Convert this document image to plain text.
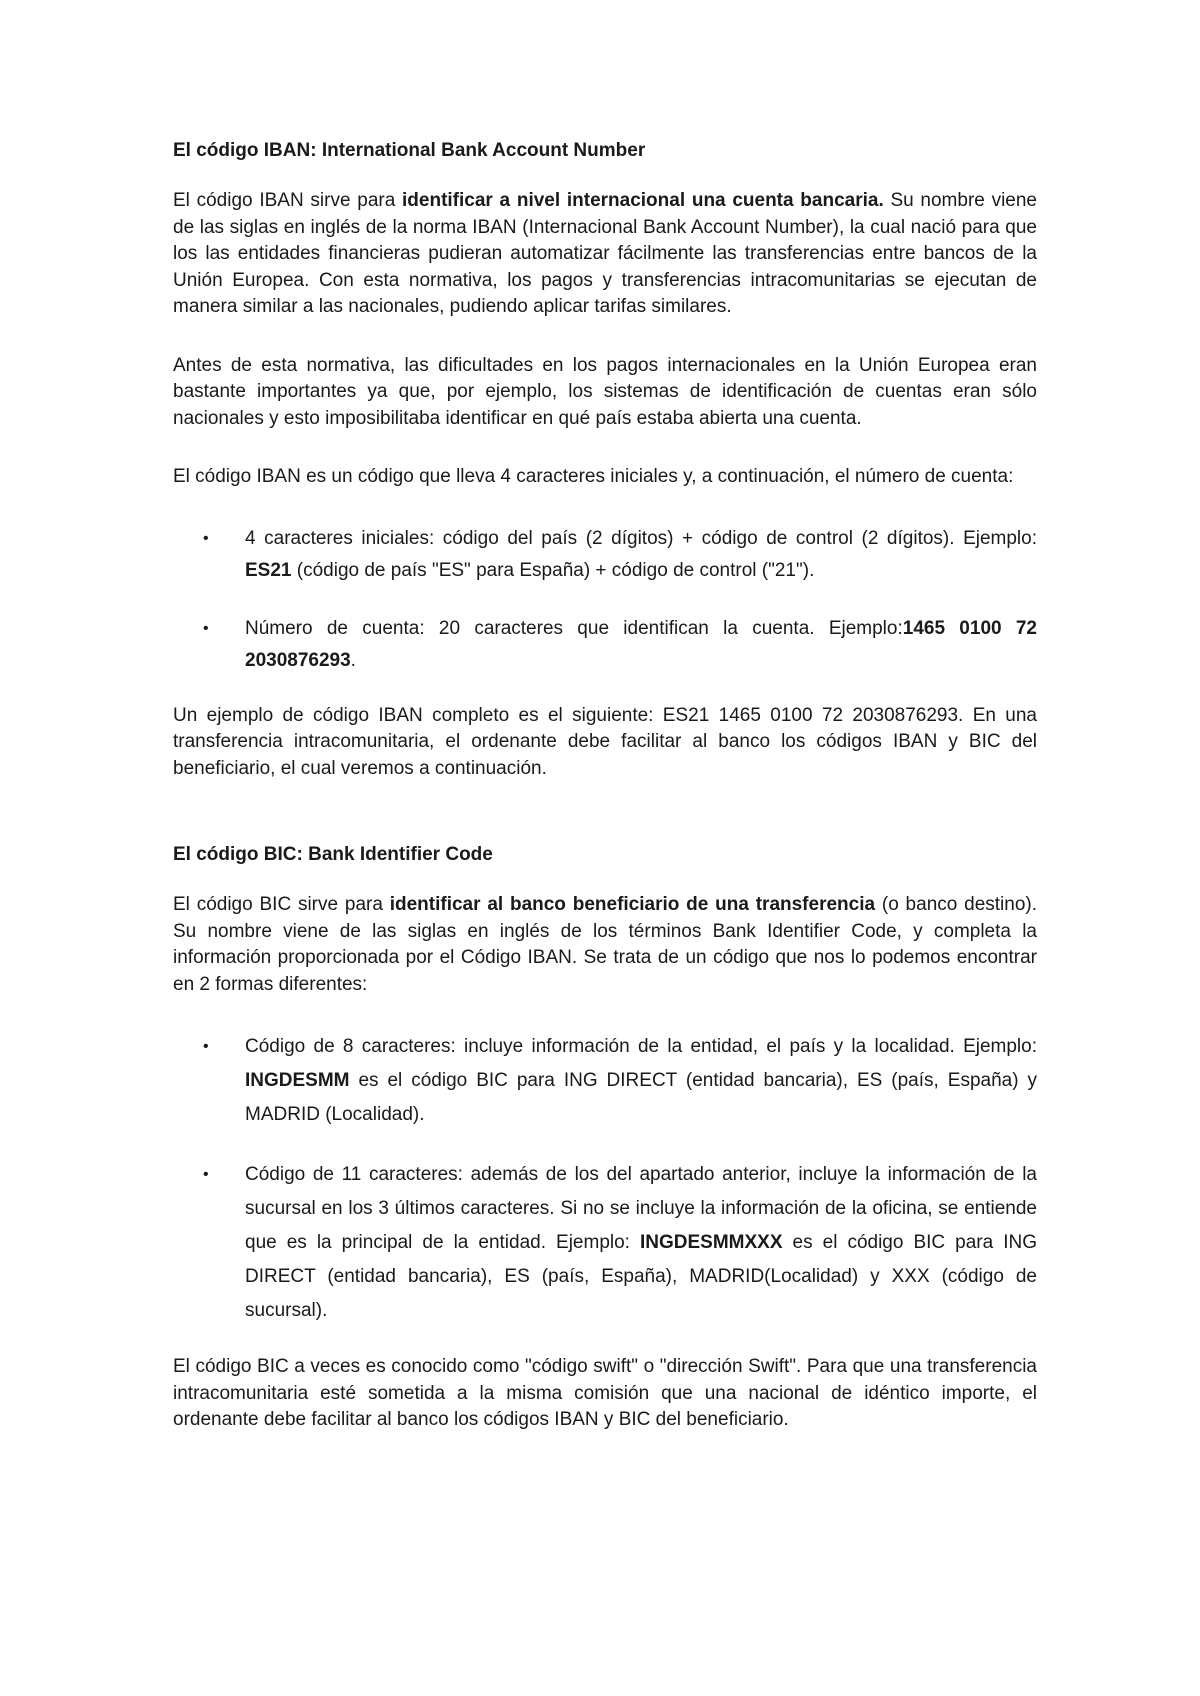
El código IBAN: International Bank Account Number

El código IBAN sirve para identificar a nivel internacional una cuenta bancaria. Su nombre viene de las siglas en inglés de la norma IBAN (Internacional Bank Account Number), la cual nació para que los las entidades financieras pudieran automatizar fácilmente las transferencias entre bancos de la Unión Europea. Con esta normativa, los pagos y transferencias intracomunitarias se ejecutan de manera similar a las nacionales, pudiendo aplicar tarifas similares.

Antes de esta normativa, las dificultades en los pagos internacionales en la Unión Europea eran bastante importantes ya que, por ejemplo, los sistemas de identificación de cuentas eran sólo nacionales y esto imposibilitaba identificar en qué país estaba abierta una cuenta.

El código IBAN es un código que lleva 4 caracteres iniciales y, a continuación, el número de cuenta:

• 4 caracteres iniciales: código del país (2 dígitos) + código de control (2 dígitos). Ejemplo: ES21 (código de país "ES" para España) + código de control ("21").
• Número de cuenta: 20 caracteres que identifican la cuenta. Ejemplo:1465 0100 72 2030876293.

Un ejemplo de código IBAN completo es el siguiente: ES21 1465 0100 72 2030876293. En una transferencia intracomunitaria, el ordenante debe facilitar al banco los códigos IBAN y BIC del beneficiario, el cual veremos a continuación.

El código BIC: Bank Identifier Code

El código BIC sirve para identificar al banco beneficiario de una transferencia (o banco destino). Su nombre viene de las siglas en inglés de los términos Bank Identifier Code, y completa la información proporcionada por el Código IBAN. Se trata de un código que nos lo podemos encontrar en 2 formas diferentes:

• Código de 8 caracteres: incluye información de la entidad, el país y la localidad. Ejemplo: INGDESMM es el código BIC para ING DIRECT (entidad bancaria), ES (país, España) y MADRID (Localidad).
• Código de 11 caracteres: además de los del apartado anterior, incluye la información de la sucursal en los 3 últimos caracteres. Si no se incluye la información de la oficina, se entiende que es la principal de la entidad. Ejemplo: INGDESMMXXX es el código BIC para ING DIRECT (entidad bancaria), ES (país, España), MADRID(Localidad) y XXX (código de sucursal).

El código BIC a veces es conocido como "código swift" o "dirección Swift". Para que una transferencia intracomunitaria esté sometida a la misma comisión que una nacional de idéntico importe, el ordenante debe facilitar al banco los códigos IBAN y BIC del beneficiario.
